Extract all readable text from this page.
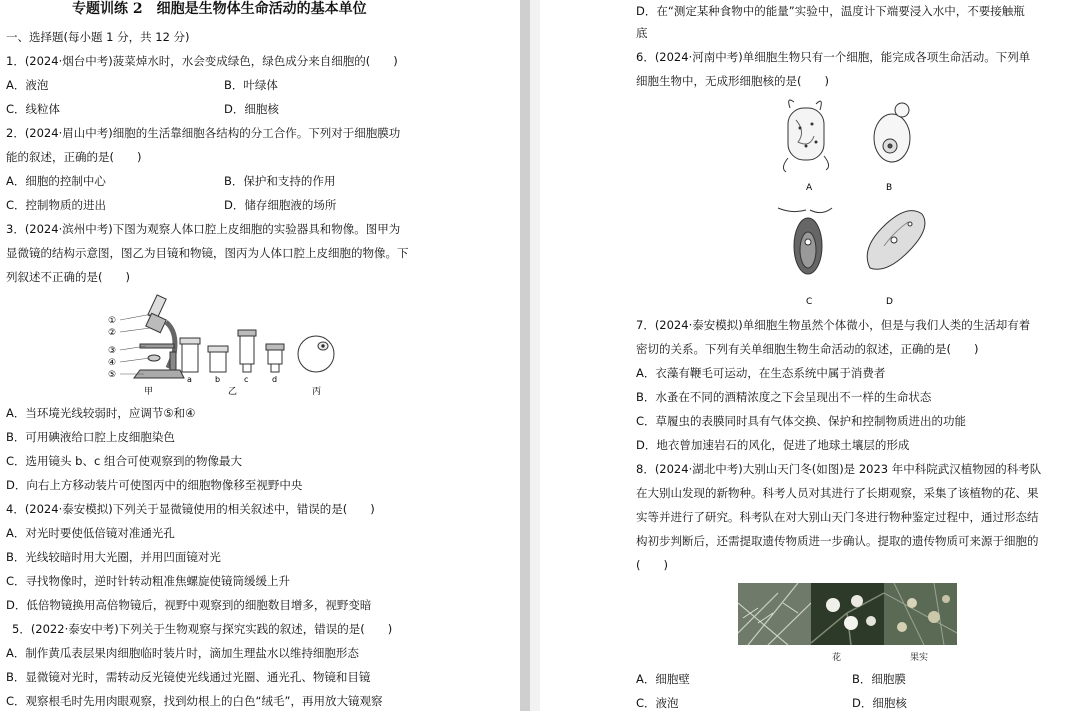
专题训练 2　细胞是生物体生命活动的基本单位
一、选择题(每小题 1 分，共 12 分)
1．(2024·烟台中考)菠菜焯水时，水会变成绿色，绿色成分来自细胞的(　　)
A．液泡	B．叶绿体
C．线粒体	D．细胞核
2．(2024·眉山中考)细胞的生活靠细胞各结构的分工合作。下列对于细胞膜功
能的叙述，正确的是(　　)
A．细胞的控制中心	B．保护和支持的作用
C．控制物质的进出	D．储存细胞液的场所
3．(2024·滨州中考)下图为观察人体口腔上皮细胞的实验器具和物像。图甲为
显微镜的结构示意图，图乙为目镜和物镜，图丙为人体口腔上皮细胞的物像。下
列叙述不正确的是(　　)
①
②
③
④
⑤	a	b	c	d
甲	乙	丙
A．当环境光线较弱时，应调节⑤和④
B．可用碘液给口腔上皮细胞染色
C．选用镜头 b、c 组合可使观察到的物像最大
D．向右上方移动装片可使图丙中的细胞物像移至视野中央
4．(2024·泰安模拟)下列关于显微镜使用的相关叙述中，错误的是(　　)
A．对光时要使低倍镜对准通光孔
B．光线较暗时用大光圈，并用凹面镜对光
C．寻找物像时，逆时针转动粗准焦螺旋使镜筒缓缓上升
D．低倍物镜换用高倍物镜后，视野中观察到的细胞数目增多，视野变暗
5．(2022·泰安中考)下列关于生物观察与探究实践的叙述，错误的是(　　)
A．制作黄瓜表层果肉细胞临时装片时，滴加生理盐水以维持细胞形态
B．显微镜对光时，需转动反光镜使光线通过光圈、通光孔、物镜和目镜
C．观察根毛时先用肉眼观察，找到幼根上的白色“绒毛”，再用放大镜观察
D．在“测定某种食物中的能量”实验中，温度计下端要浸入水中，不要接触瓶
底
6．(2024·河南中考)单细胞生物只有一个细胞，能完成各项生命活动。下列单
细胞生物中，无成形细胞核的是(　　)
A	B
C	D
7．(2024·泰安模拟)单细胞生物虽然个体微小，但是与我们人类的生活却有着
密切的关系。下列有关单细胞生物生命活动的叙述，正确的是(　　)
A．衣藻有鞭毛可运动，在生态系统中属于消费者
B．水蚤在不同的酒精浓度之下会呈现出不一样的生命状态
C．草履虫的表膜同时具有气体交换、保护和控制物质进出的功能
D．地衣曾加速岩石的风化，促进了地球土壤层的形成
8．(2024·湖北中考)大别山天门冬(如图)是 2023 年中科院武汉植物园的科考队
在大别山发现的新物种。科考人员对其进行了长期观察，采集了该植物的花、果
实等并进行了研究。科考队在对大别山天门冬进行物种鉴定过程中，通过形态结
构初步判断后，还需提取遗传物质进一步确认。提取的遗传物质可来源于细胞的
(　　)
花	果实
A．细胞壁	B．细胞膜
C．液泡	D．细胞核
